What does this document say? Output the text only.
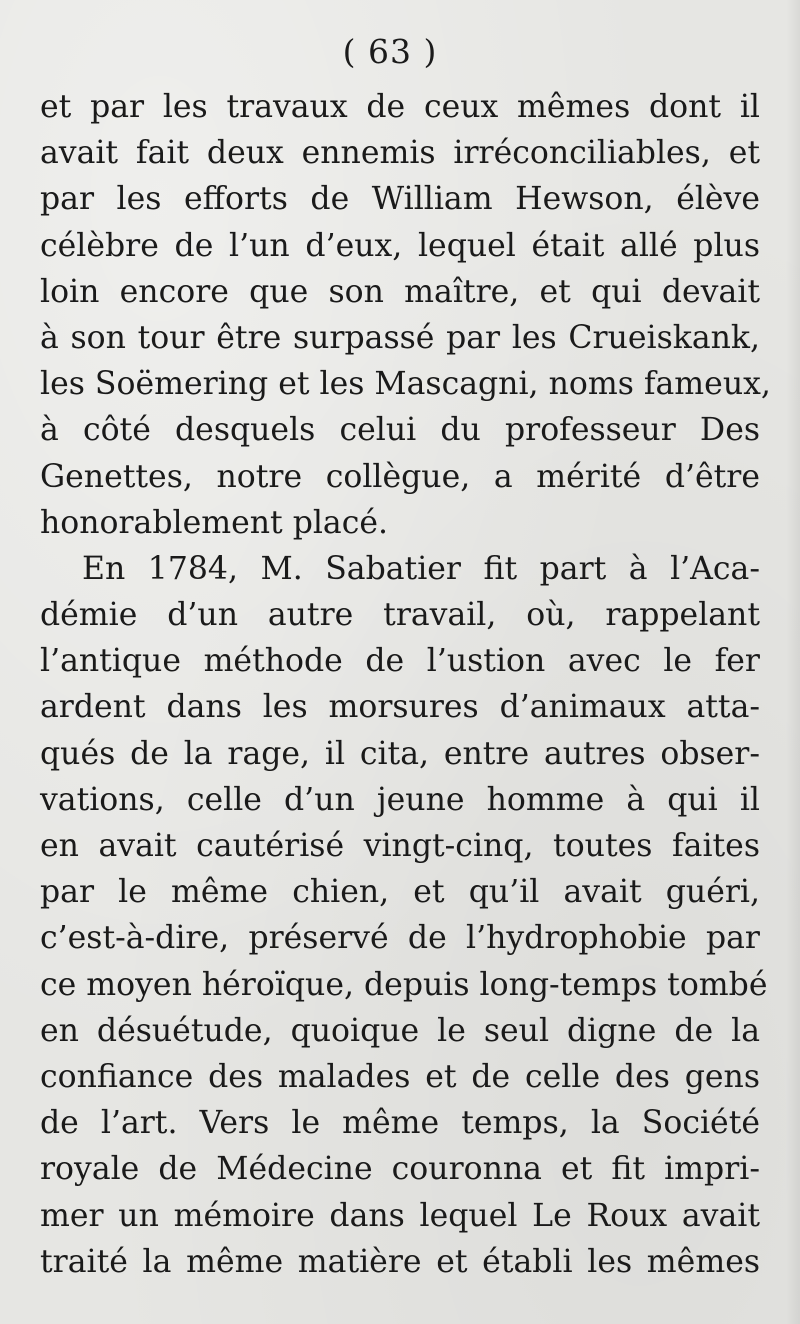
( 63 )
et par les travaux de ceux mêmes dont il
avait fait deux ennemis irréconciliables, et
par les efforts de William Hewson, élève
célèbre de l’un d’eux, lequel était allé plus
loin encore que son maître, et qui devait
à son tour être surpassé par les Crueiskank,
les Soëmering et les Mascagni, noms fameux,
à côté desquels celui du professeur Des
Genettes, notre collègue, a mérité d’être
honorablement placé.
En 1784, M. Sabatier fit part à l’Aca-
démie d’un autre travail, où, rappelant
l’antique méthode de l’ustion avec le fer
ardent dans les morsures d’animaux atta-
qués de la rage, il cita, entre autres obser-
vations, celle d’un jeune homme à qui il
en avait cautérisé vingt-cinq, toutes faites
par le même chien, et qu’il avait guéri,
c’est-à-dire, préservé de l’hydrophobie par
ce moyen héroïque, depuis long-temps tombé
en désuétude, quoique le seul digne de la
confiance des malades et de celle des gens
de l’art. Vers le même temps, la Société
royale de Médecine couronna et fit impri-
mer un mémoire dans lequel Le Roux avait
traité la même matière et établi les mêmes
